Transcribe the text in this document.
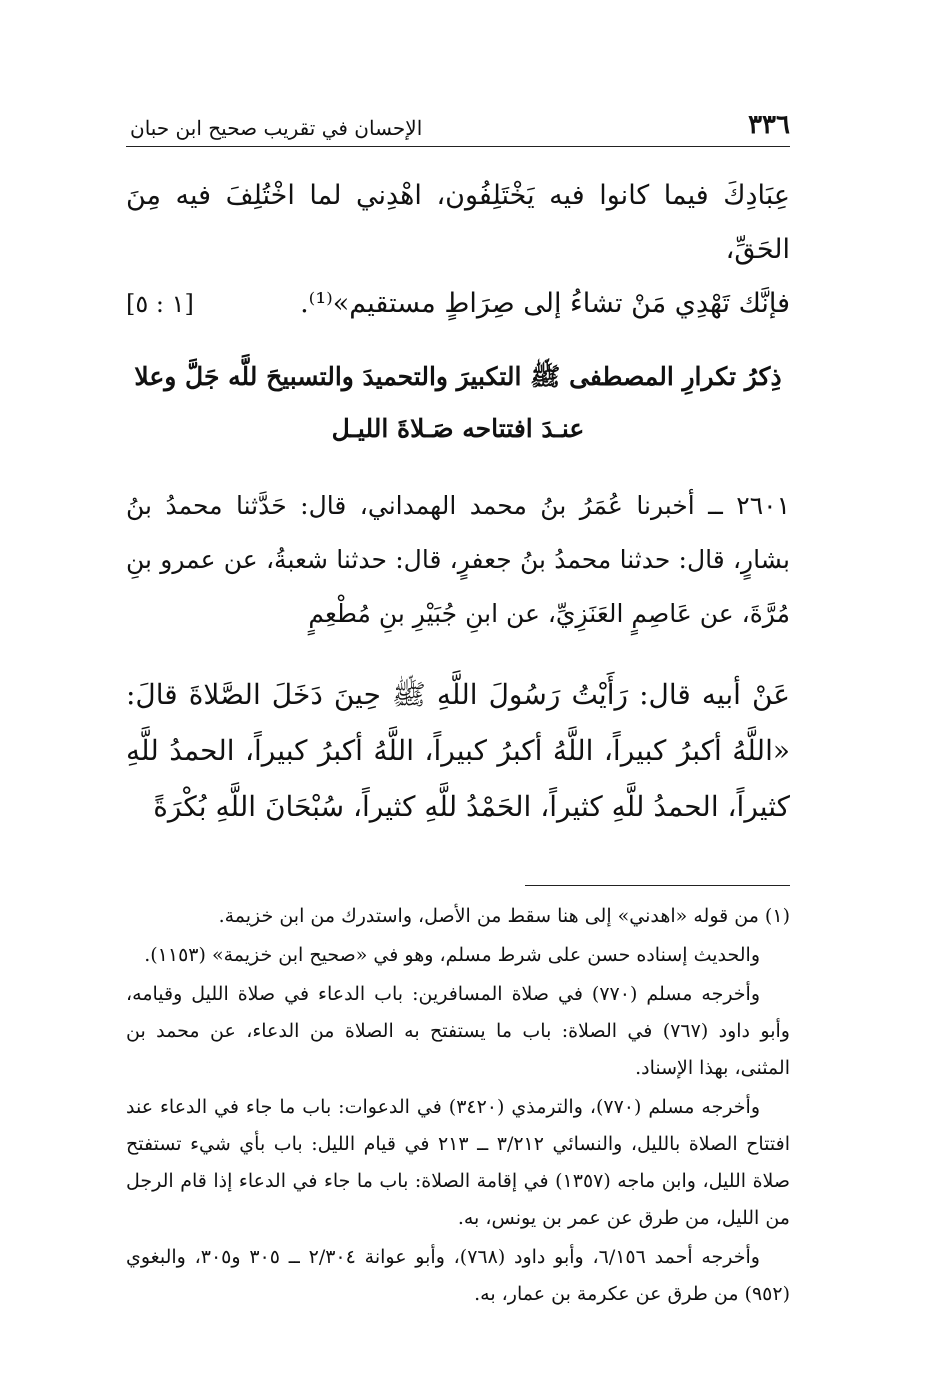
٣٣٦
الإحسان في تقريب صحيح ابن حبان

عِبَادِكَ فيما كانوا فيه يَخْتَلِفُون، اهْدِني لما اخْتُلِفَ فيه مِنَ الحَقِّ،

فإنَّك تَهْدِي مَنْ تشاءُ إلى صِرَاطٍ مستقيم»⁽¹⁾.

[١ : ٥]
ذِكرُ تكرارِ المصطفى ﷺ التكبيرَ والتحميدَ والتسبيحَ للَّه جَلَّ وعلا
عنـدَ افتتاحه صَـلاةَ الليـل

٢٦٠١ ــ أخبرنا عُمَرُ بنُ محمد الهمداني، قال: حَدَّثنا محمدُ بنُ بشارٍ، قال: حدثنا محمدُ بنُ جعفرٍ، قال: حدثنا شعبةُ، عن عمرو بنِ مُرَّةَ، عن عَاصِمٍ العَنَزِيِّ، عن ابنِ جُبَيْرِ بنِ مُطْعِمٍ

عَنْ أبيه قال: رَأَيْتُ رَسُولَ اللَّهِ ﷺ حِينَ دَخَلَ الصَّلاةَ قالَ: «اللَّهُ أكبرُ كبيراً، اللَّهُ أكبرُ كبيراً، اللَّهُ أكبرُ كبيراً، الحمدُ للَّهِ كثيراً، الحمدُ للَّهِ كثيراً، الحَمْدُ للَّهِ كثيراً، سُبْحَانَ اللَّهِ بُكْرَةً

(١) من قوله «اهدني» إلى هنا سقط من الأصل، واستدرك من ابن خزيمة.

والحديث إسناده حسن على شرط مسلم، وهو في «صحيح ابن خزيمة» (١١٥٣).

وأخرجه مسلم (٧٧٠) في صلاة المسافرين: باب الدعاء في صلاة الليل وقيامه، وأبو داود (٧٦٧) في الصلاة: باب ما يستفتح به الصلاة من الدعاء، عن محمد بن المثنى، بهذا الإسناد.

وأخرجه مسلم (٧٧٠)، والترمذي (٣٤٢٠) في الدعوات: باب ما جاء في الدعاء عند افتتاح الصلاة بالليل، والنسائي ٣/٢١٢ ــ ٢١٣ في قيام الليل: باب بأي شيء تستفتح صلاة الليل، وابن ماجه (١٣٥٧) في إقامة الصلاة: باب ما جاء في الدعاء إذا قام الرجل من الليل، من طرق عن عمر بن يونس، به.

وأخرجه أحمد ٦/١٥٦، وأبو داود (٧٦٨)، وأبو عوانة ٢/٣٠٤ ــ ٣٠٥ و٣٠٥، والبغوي (٩٥٢) من طرق عن عكرمة بن عمار، به.
